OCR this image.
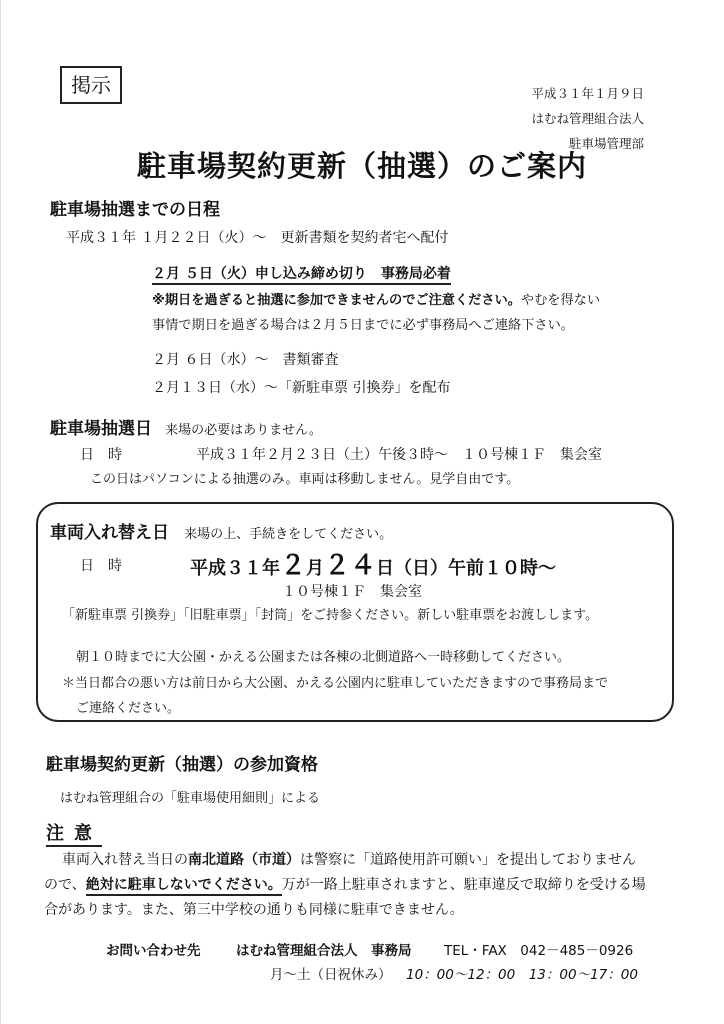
掲示	平成３１年１月９日
はむね管理組合法人
駐車場管理部
駐車場契約更新（抽選）のご案内
駐車場抽選までの日程
平成３１年 １月２２日（火）～　更新書類を契約者宅へ配付
２月 ５日（火）申し込み締め切り　事務局必着
※期日を過ぎると抽選に参加できませんのでご注意ください。やむを得ない
事情で期日を過ぎる場合は２月５日までに必ず事務局へご連絡下さい。
２月 ６日（水）～　書類審査
２月１３日（水）～「新駐車票 引換券」を配布
駐車場抽選日 来場の必要はありません。
日　時	平成３１年２月２３日（土）午後３時～　１０号棟１Ｆ　集会室
この日はパソコンによる抽選のみ。車両は移動しません。見学自由です。
車両入れ替え日 来場の上、手続きをしてください。
日　時	平成３１年２月２４日（日）午前１０時～
１０号棟１Ｆ　集会室
「新駐車票 引換券」「旧駐車票」「封筒」をご持参ください。新しい駐車票をお渡しします。
朝１０時までに大公園・かえる公園または各棟の北側道路へ一時移動してください。
＊当日都合の悪い方は前日から大公園、かえる公園内に駐車していただきますので事務局まで
ご連絡ください。
駐車場契約更新（抽選）の参加資格
はむね管理組合の「駐車場使用細則」による
注意
車両入れ替え当日の南北道路（市道）は警察に「道路使用許可願い」を提出しておりません
ので、絶対に駐車しないでください。万が一路上駐車されますと、駐車違反で取締りを受ける場
合があります。また、第三中学校の通りも同様に駐車できません。
お問い合わせ先	はむね管理組合法人　事務局 TEL・FAX　042－485－0926
月～土（日祝休み） 10：00～12：00　13：00～17：00
